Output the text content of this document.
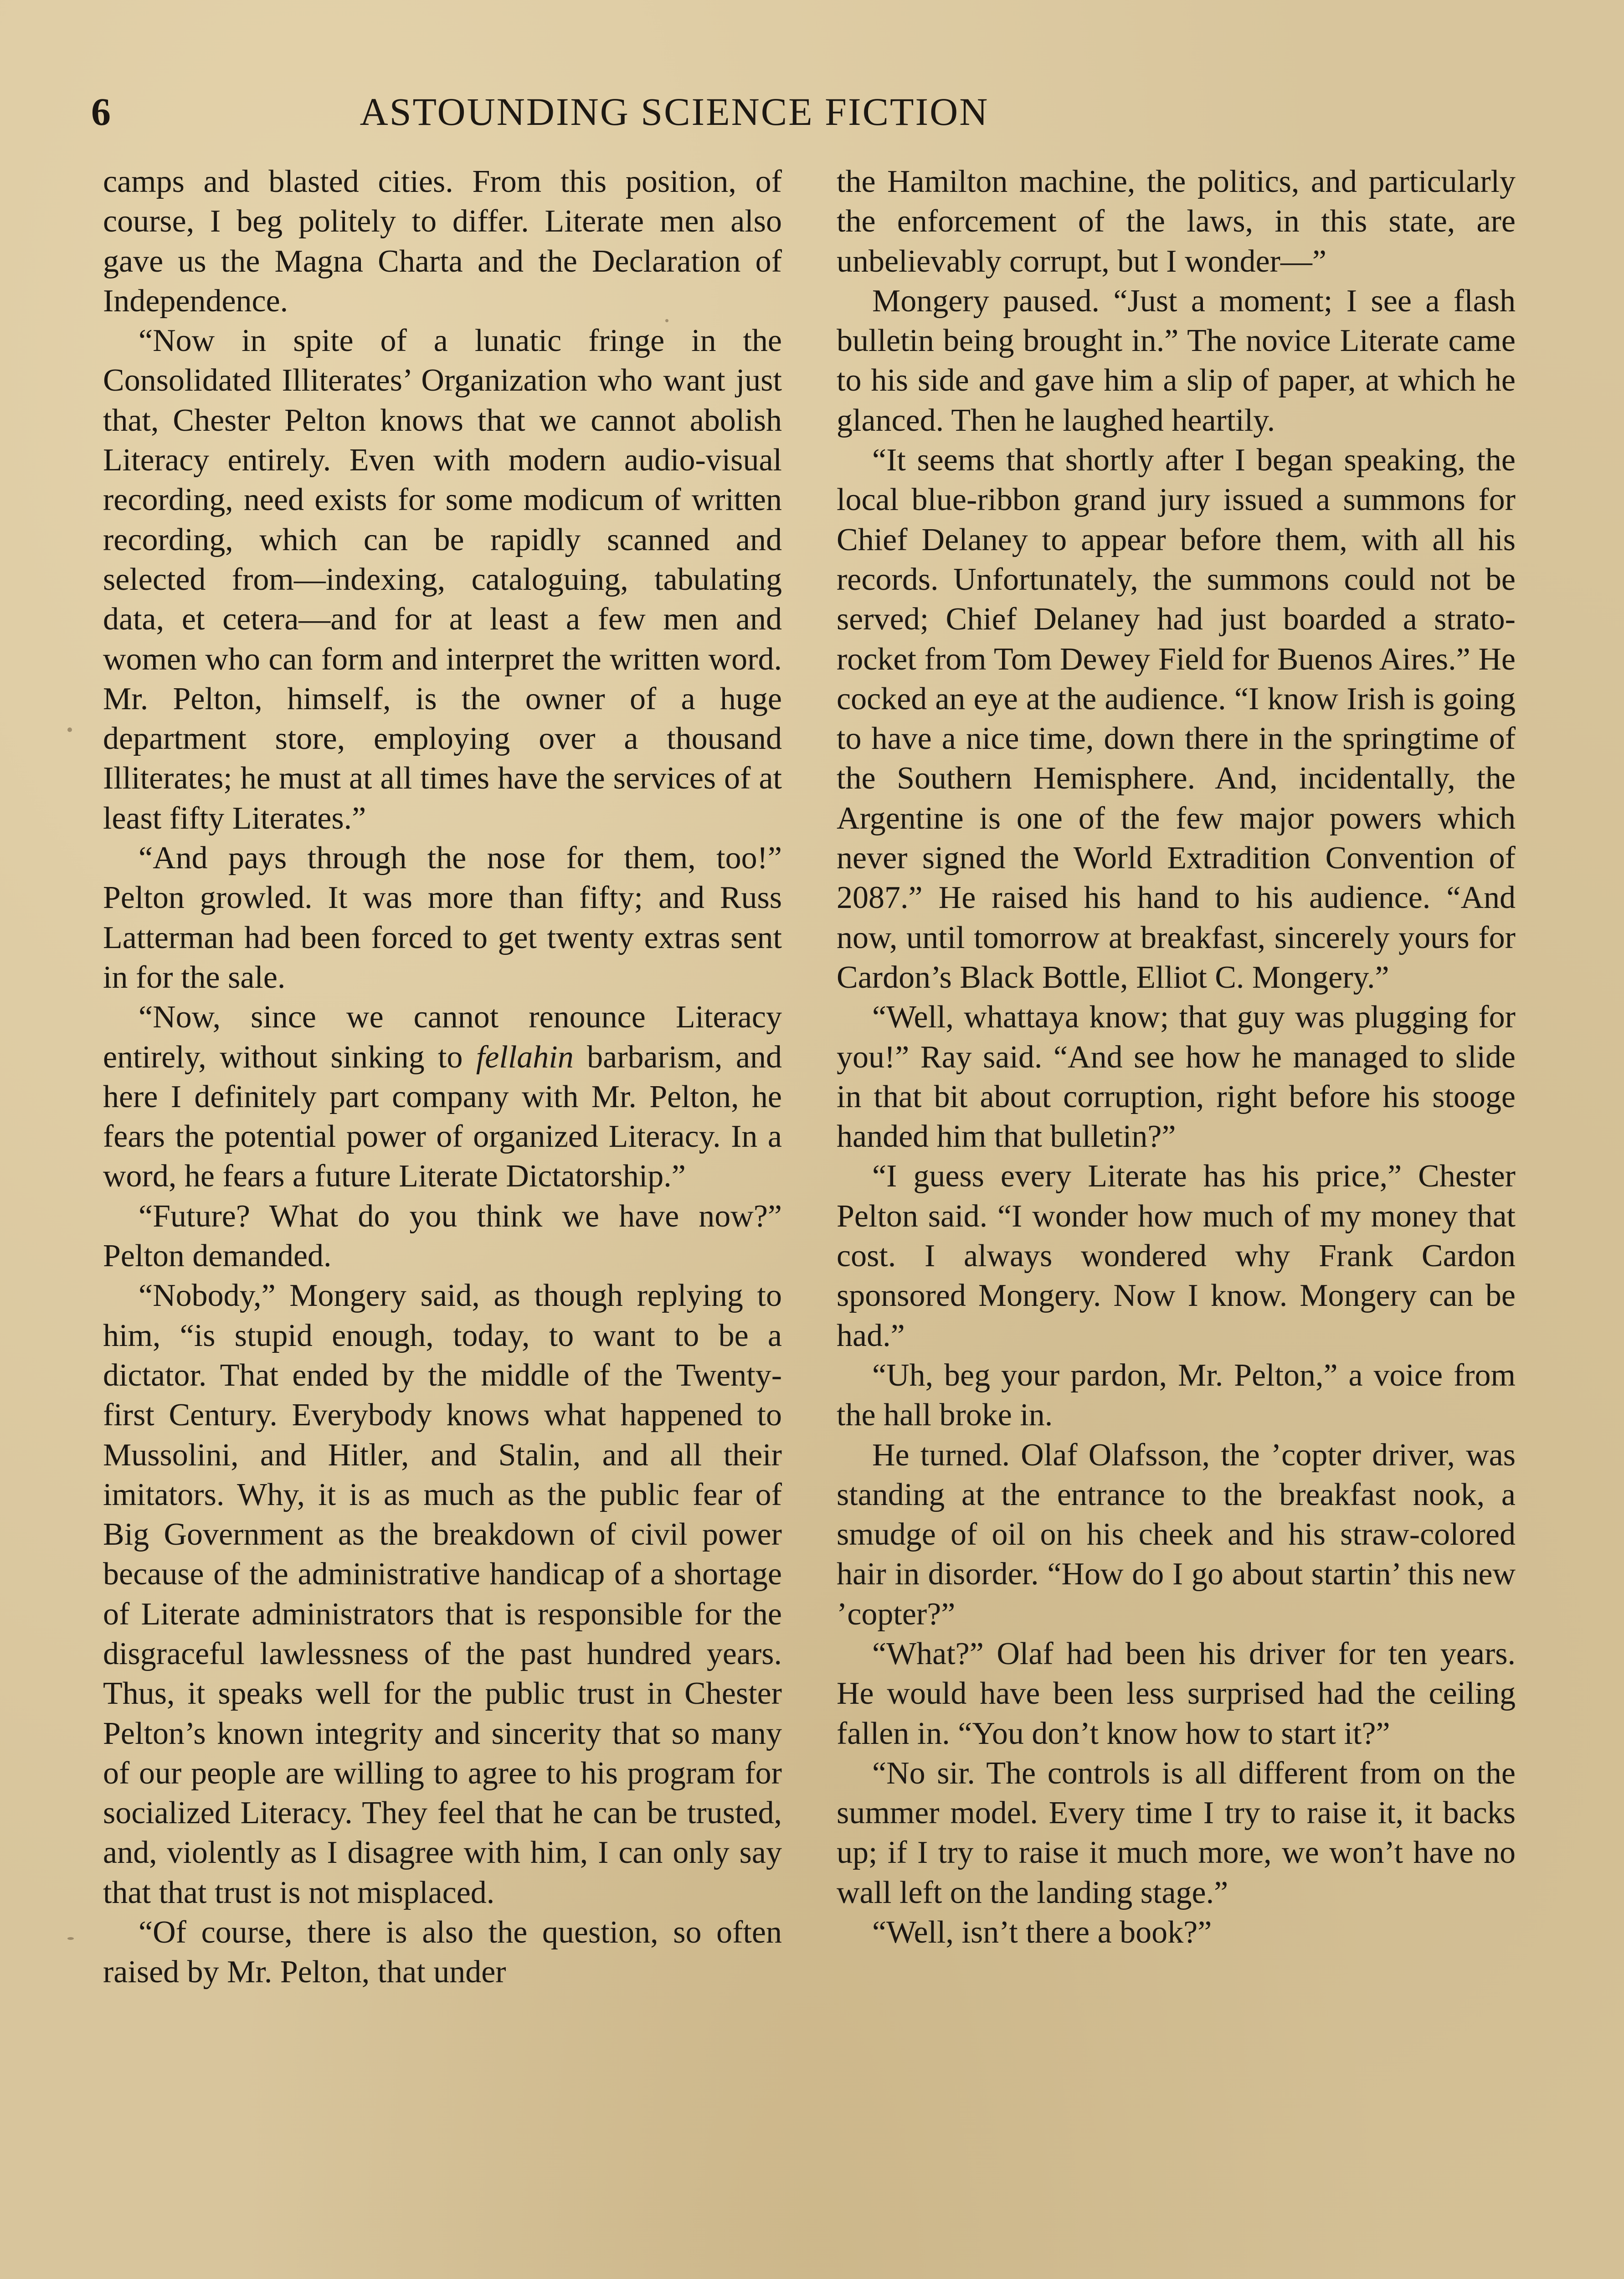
6	ASTOUNDING SCIENCE FICTION

camps and blasted cities. From this position, of course, I beg politely to differ. Literate men also gave us the Magna Charta and the Declaration of Independence.

“Now in spite of a lunatic fringe in the Consolidated Illiterates’ Organization who want just that, Chester Pelton knows that we cannot abolish Literacy entirely. Even with modern audio-visual recording, need exists for some modicum of written recording, which can be rapidly scanned and selected from—indexing, cataloguing, tabulating data, et cetera—and for at least a few men and women who can form and interpret the written word. Mr. Pelton, himself, is the owner of a huge department store, employing over a thousand Illiterates; he must at all times have the services of at least fifty Literates.”

“And pays through the nose for them, too!” Pelton growled. It was more than fifty; and Russ Latterman had been forced to get twenty extras sent in for the sale.

“Now, since we cannot renounce Literacy entirely, without sinking to fellahin barbarism, and here I definitely part company with Mr. Pelton, he fears the potential power of organized Literacy. In a word, he fears a future Literate Dictatorship.”

“Future? What do you think we have now?” Pelton demanded.

“Nobody,” Mongery said, as though replying to him, “is stupid enough, today, to want to be a dictator. That ended by the middle of the Twenty-first Century. Everybody knows what happened to Mussolini, and Hitler, and Stalin, and all their imitators. Why, it is as much as the public fear of Big Government as the breakdown of civil power because of the administrative handicap of a shortage of Literate administrators that is responsible for the disgraceful lawlessness of the past hundred years. Thus, it speaks well for the public trust in Chester Pelton’s known integrity and sincerity that so many of our people are willing to agree to his program for socialized Literacy. They feel that he can be trusted, and, violently as I disagree with him, I can only say that that trust is not misplaced.

“Of course, there is also the question, so often raised by Mr. Pelton, that under

the Hamilton machine, the politics, and particularly the enforcement of the laws, in this state, are unbelievably corrupt, but I wonder—”

Mongery paused. “Just a moment; I see a flash bulletin being brought in.” The novice Literate came to his side and gave him a slip of paper, at which he glanced. Then he laughed heartily.

“It seems that shortly after I began speaking, the local blue-ribbon grand jury issued a summons for Chief Delaney to appear before them, with all his records. Unfortunately, the summons could not be served; Chief Delaney had just boarded a strato-rocket from Tom Dewey Field for Buenos Aires.” He cocked an eye at the audience. “I know Irish is going to have a nice time, down there in the springtime of the Southern Hemisphere. And, incidentally, the Argentine is one of the few major powers which never signed the World Extradition Convention of 2087.” He raised his hand to his audience. “And now, until tomorrow at breakfast, sincerely yours for Cardon’s Black Bottle, Elliot C. Mongery.”

“Well, whattaya know; that guy was plugging for you!” Ray said. “And see how he managed to slide in that bit about corruption, right before his stooge handed him that bulletin?”

“I guess every Literate has his price,” Chester Pelton said. “I wonder how much of my money that cost. I always wondered why Frank Cardon sponsored Mongery. Now I know. Mongery can be had.”

“Uh, beg your pardon, Mr. Pelton,” a voice from the hall broke in.

He turned. Olaf Olafsson, the ’copter driver, was standing at the entrance to the breakfast nook, a smudge of oil on his cheek and his straw-colored hair in disorder. “How do I go about startin’ this new ’copter?”

“What?” Olaf had been his driver for ten years. He would have been less surprised had the ceiling fallen in. “You don’t know how to start it?”

“No sir. The controls is all different from on the summer model. Every time I try to raise it, it backs up; if I try to raise it much more, we won’t have no wall left on the landing stage.”

“Well, isn’t there a book?”
